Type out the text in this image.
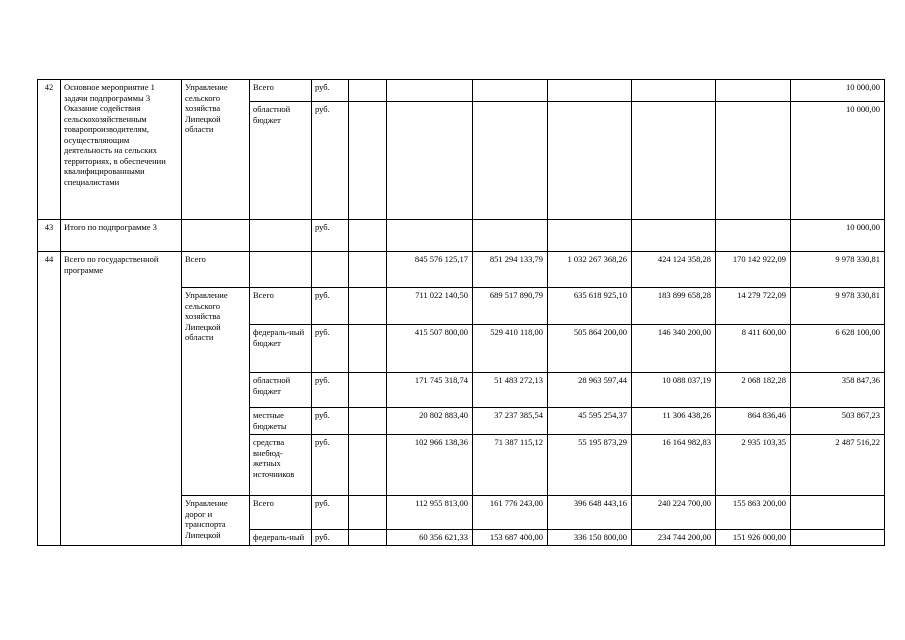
42	Основное мероприятие 1 задачи подпрограммы 3 Оказание содействия сельскохозяйственным товаропроизводителям, осуществляющим деятельность на сельских территориях, в обеспечении квалифицированными специалистами	Управление сельского хозяйства Липецкой области	Всего	руб.							10 000,00
			областной бюджет	руб.							10 000,00
43	Итого по подпрограмме 3			руб.							10 000,00
44	Всего по государственной программе	Всего				845 576 125,17	851 294 133,79	1 032 267 368,26	424 124 358,28	170 142 922,09	9 978 330,81
		Управление сельского хозяйства Липецкой области	Всего	руб.		711 022 140,50	689 517 890,79	635 618 925,10	183 899 658,28	14 279 722,09	9 978 330,81
			федераль-ный бюджет	руб.		415 507 800,00	529 410 118,00	505 864 200,00	146 340 200,00	8 411 600,00	6 628 100,00
			областной бюджет	руб.		171 745 318,74	51 483 272,13	28 963 597,44	10 088 037,19	2 068 182,28	358 847,36
			местные бюджеты	руб.		20 802 883,40	37 237 385,54	45 595 254,37	11 306 438,26	864 836,46	503 867,23
			средства внебюд-жетных источников	руб.		102 966 138,36	71 387 115,12	55 195 873,29	16 164 982,83	2 935 103,35	2 487 516,22
		Управление дорог и транспорта Липецкой	Всего	руб.		112 955 813,00	161 776 243,00	396 648 443,16	240 224 700,00	155 863 200,00	
			федераль-ный	руб.		60 356 621,33	153 687 400,00	336 150 800,00	234 744 200,00	151 926 000,00	
